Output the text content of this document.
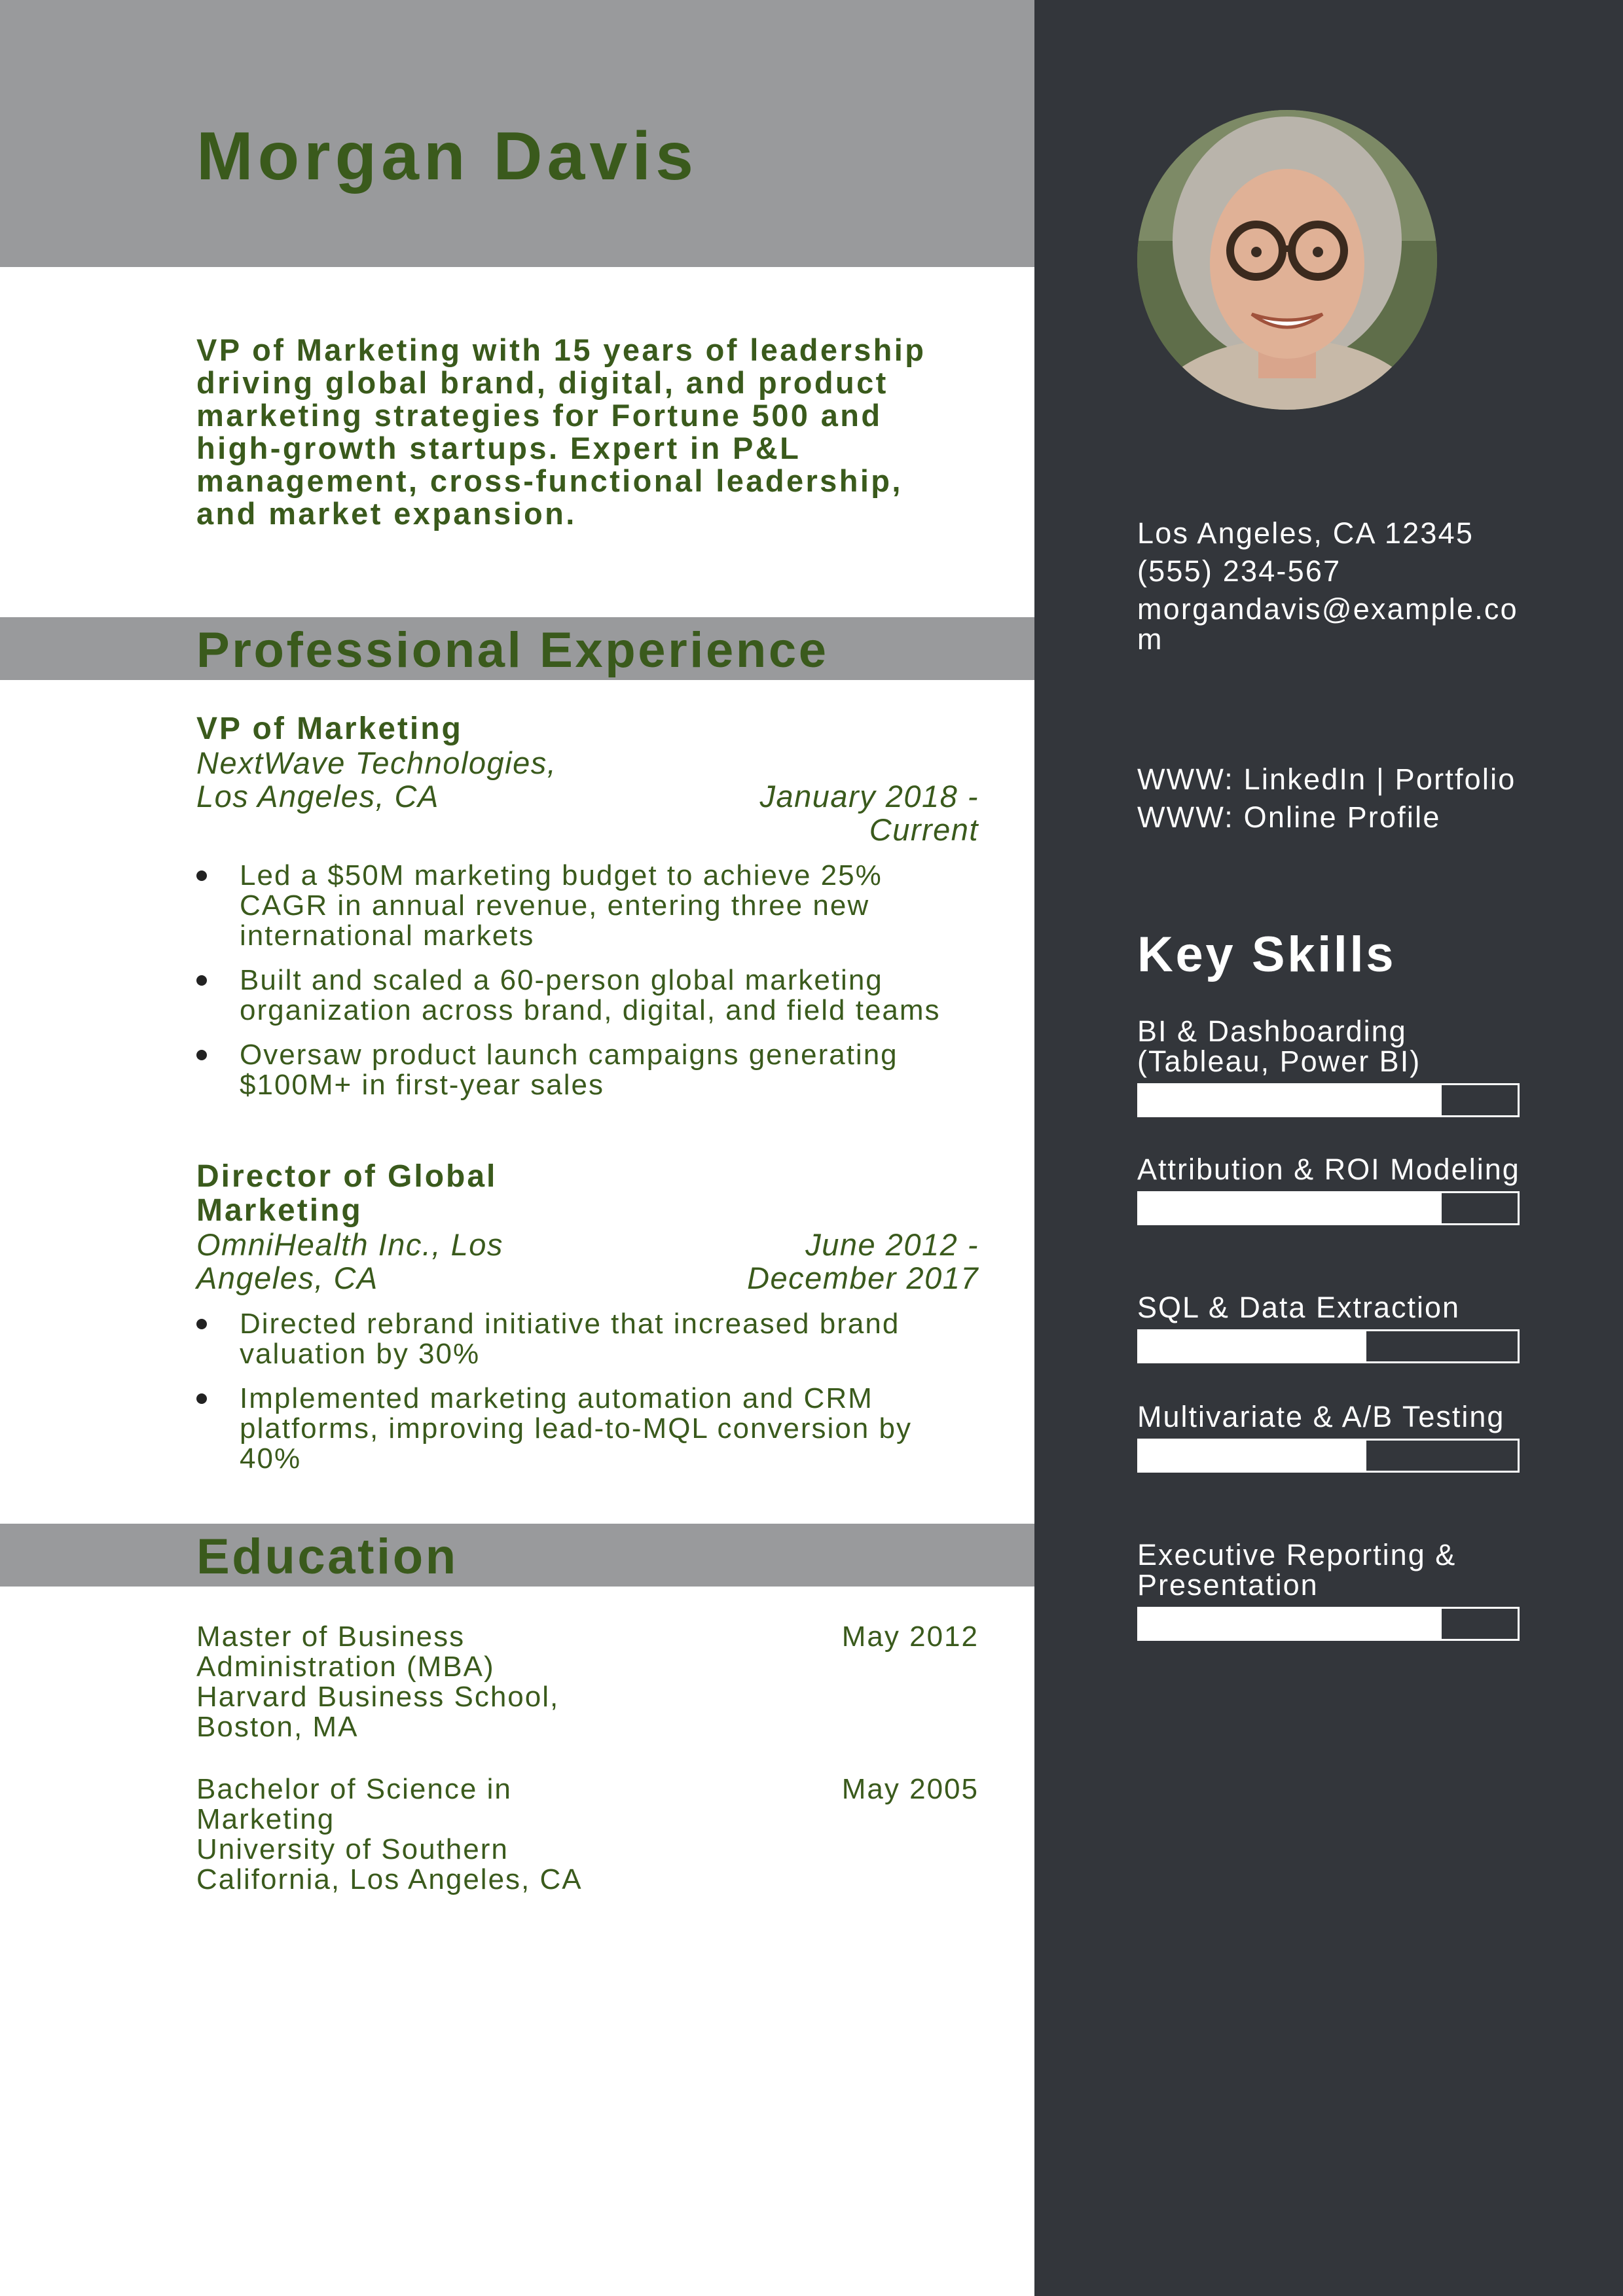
Morgan Davis

VP of Marketing with 15 years of leadership driving global brand, digital, and product marketing strategies for Fortune 500 and high-growth startups. Expert in P&L management, cross-functional leadership, and market expansion.

Professional Experience
VP of Marketing
NextWave Technologies, Los Angeles, CA	January 2018 - Current
Led a $50M marketing budget to achieve 25% CAGR in annual revenue, entering three new international markets
Built and scaled a 60-person global marketing organization across brand, digital, and field teams
Oversaw product launch campaigns generating $100M+ in first-year sales
Director of Global Marketing
OmniHealth Inc., Los Angeles, CA
June 2012 - December 2017
Directed rebrand initiative that increased brand valuation by 30%
Implemented marketing automation and CRM platforms, improving lead-to-MQL conversion by 40%
Education
Master of Business Administration (MBA)
Harvard Business School, Boston, MA
May 2012
Bachelor of Science in Marketing
University of Southern California, Los Angeles, CA
May 2005
Los Angeles, CA 12345
(555) 234-567
morgandavis@example.com
WWW: LinkedIn | Portfolio
WWW: Online Profile
Key Skills
BI & Dashboarding (Tableau, Power BI)
Attribution & ROI Modeling
SQL & Data Extraction
Multivariate & A/B Testing
Executive Reporting & Presentation
